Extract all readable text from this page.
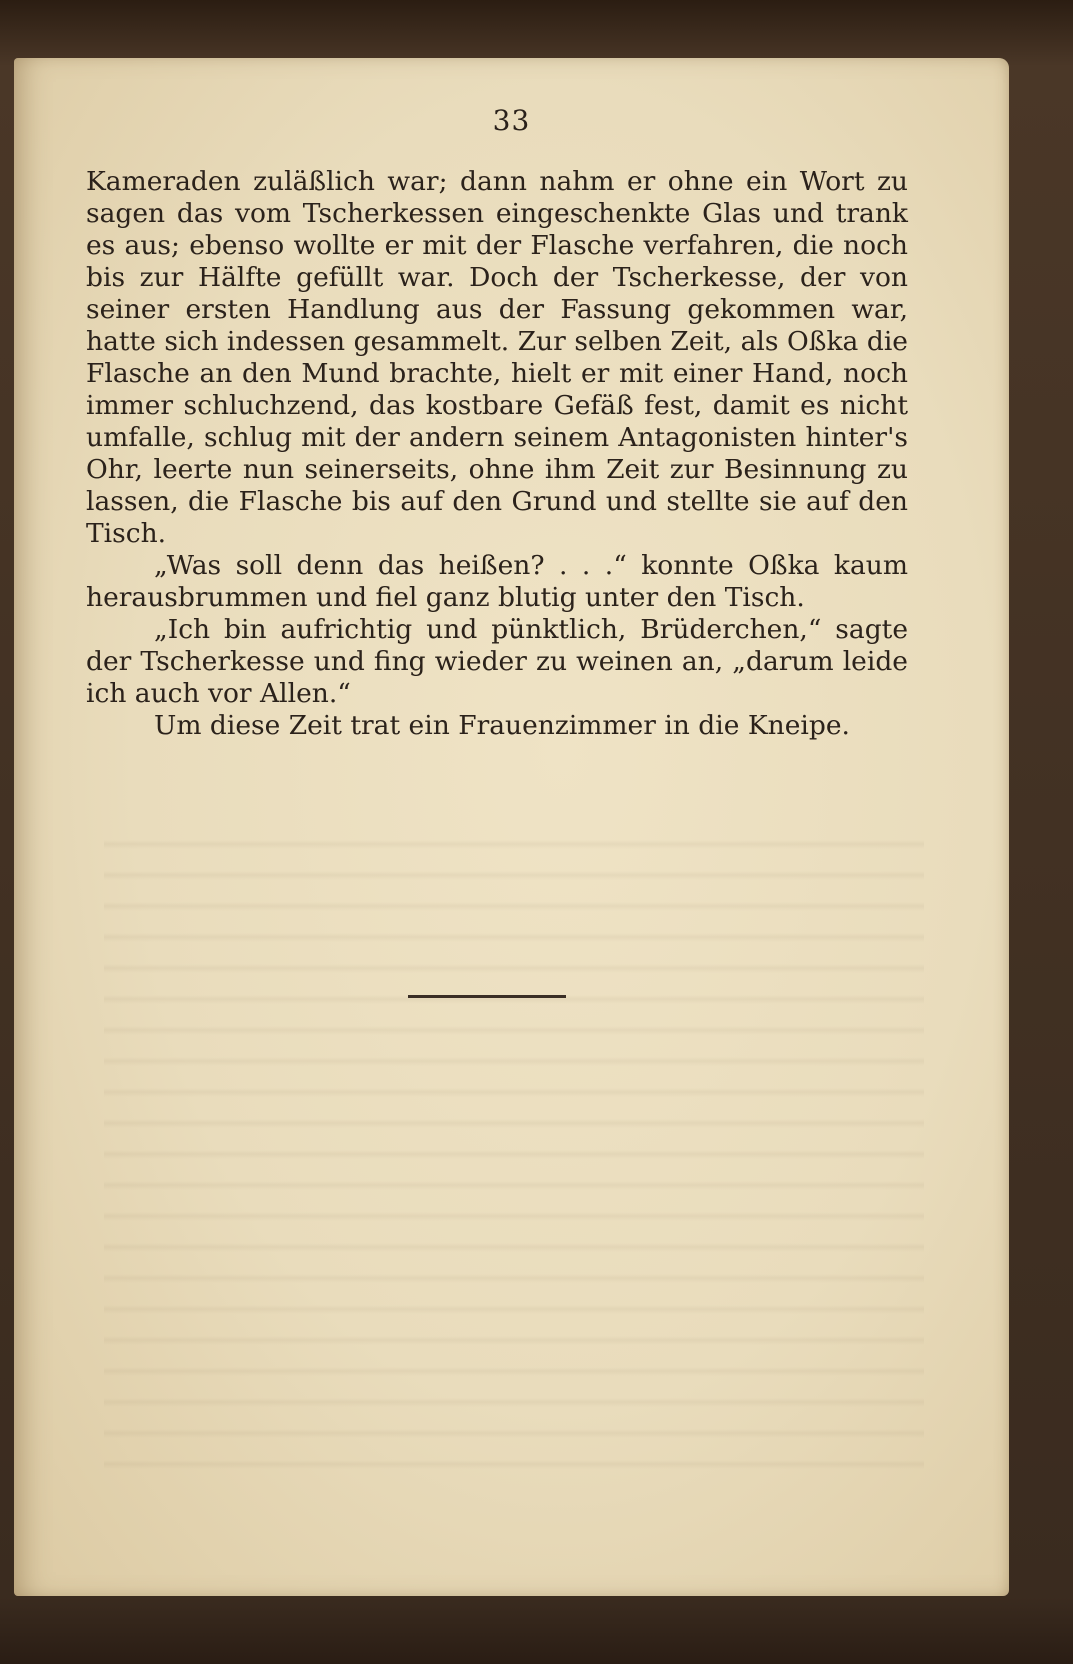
33

Kameraden zuläßlich war; dann nahm er ohne ein Wort zu sagen das vom Tscherkessen eingeschenkte Glas und trank es aus; ebenso wollte er mit der Flasche verfahren, die noch bis zur Hälfte gefüllt war. Doch der Tscherkesse, der von seiner ersten Handlung aus der Fassung gekommen war, hatte sich indessen gesammelt. Zur selben Zeit, als Oßka die Flasche an den Mund brachte, hielt er mit einer Hand, noch immer schluchzend, das kostbare Gefäß fest, damit es nicht umfalle, schlug mit der andern seinem Antagonisten hinter's Ohr, leerte nun seinerseits, ohne ihm Zeit zur Besinnung zu lassen, die Flasche bis auf den Grund und stellte sie auf den Tisch.

„Was soll denn das heißen? . . .“ konnte Oßka kaum herausbrummen und fiel ganz blutig unter den Tisch.

„Ich bin aufrichtig und pünktlich, Brüderchen,“ sagte der Tscherkesse und fing wieder zu weinen an, „darum leide ich auch vor Allen.“

Um diese Zeit trat ein Frauenzimmer in die Kneipe.
